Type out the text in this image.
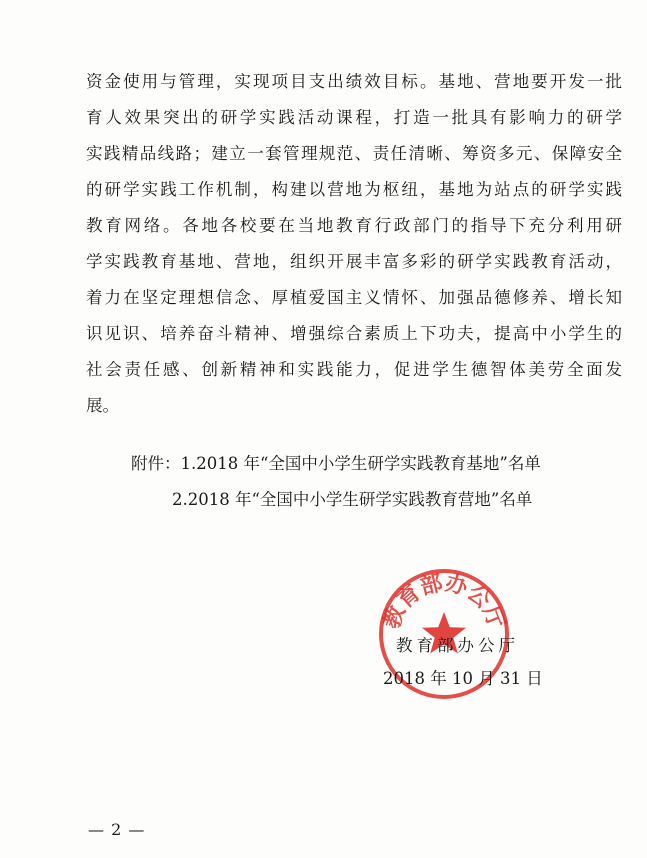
资金使用与管理，实现项目支出绩效目标。基地、营地要开发一批
育人效果突出的研学实践活动课程，打造一批具有影响力的研学
实践精品线路；建立一套管理规范、责任清晰、筹资多元、保障安全
的研学实践工作机制，构建以营地为枢纽，基地为站点的研学实践
教育网络。各地各校要在当地教育行政部门的指导下充分利用研
学实践教育基地、营地，组织开展丰富多彩的研学实践教育活动，
着力在坚定理想信念、厚植爱国主义情怀、加强品德修养、增长知
识见识、培养奋斗精神、增强综合素质上下功夫，提高中小学生的
社会责任感、创新精神和实践能力，促进学生德智体美劳全面发
展。
附件：1.2018 年“全国中小学生研学实践教育基地”名单
2.2018 年“全国中小学生研学实践教育营地”名单
教育部办公厅
教育部办公厅
2018 年 10 月 31 日
— 2 —
